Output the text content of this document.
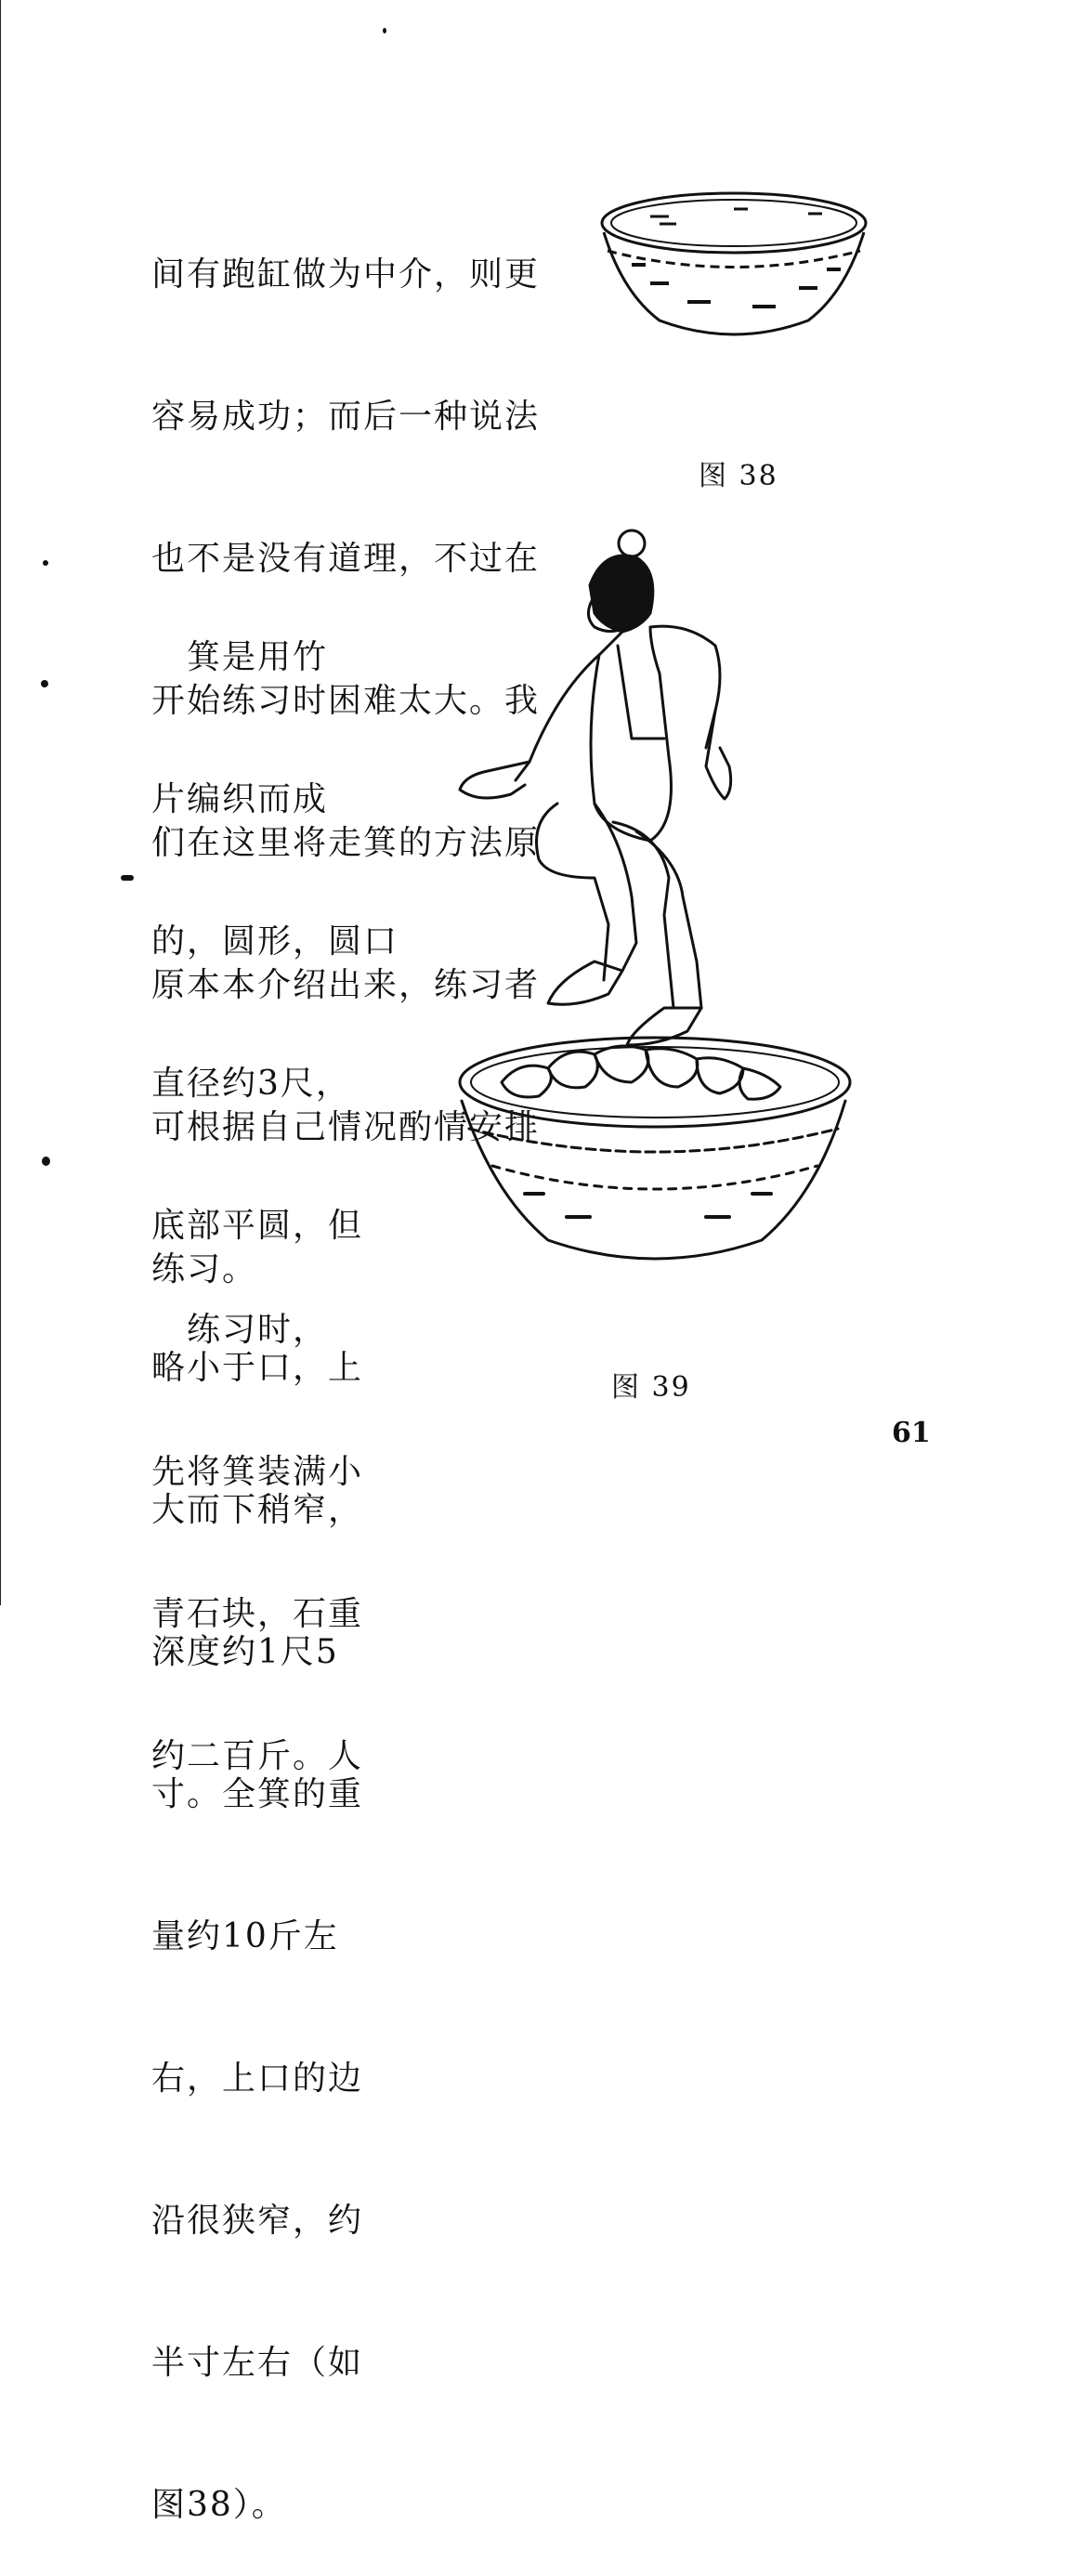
间有跑缸做为中介，则更

容易成功；而后一种说法

也不是没有道理，不过在

开始练习时困难太大。我

们在这里将走箕的方法原

原本本介绍出来，练习者

可根据自己情况酌情安排

练习。

　箕是用竹

片编织而成

的，圆形，圆口

直径约3尺，

底部平圆，但

略小于口，上

大而下稍窄，

深度约1尺5

寸。全箕的重

量约10斤左

右，上口的边

沿很狭窄，约

半寸左右（如

图38）。

　练习时，

先将箕装满小

青石块，石重

约二百斤。人

图 38
图 39
61
